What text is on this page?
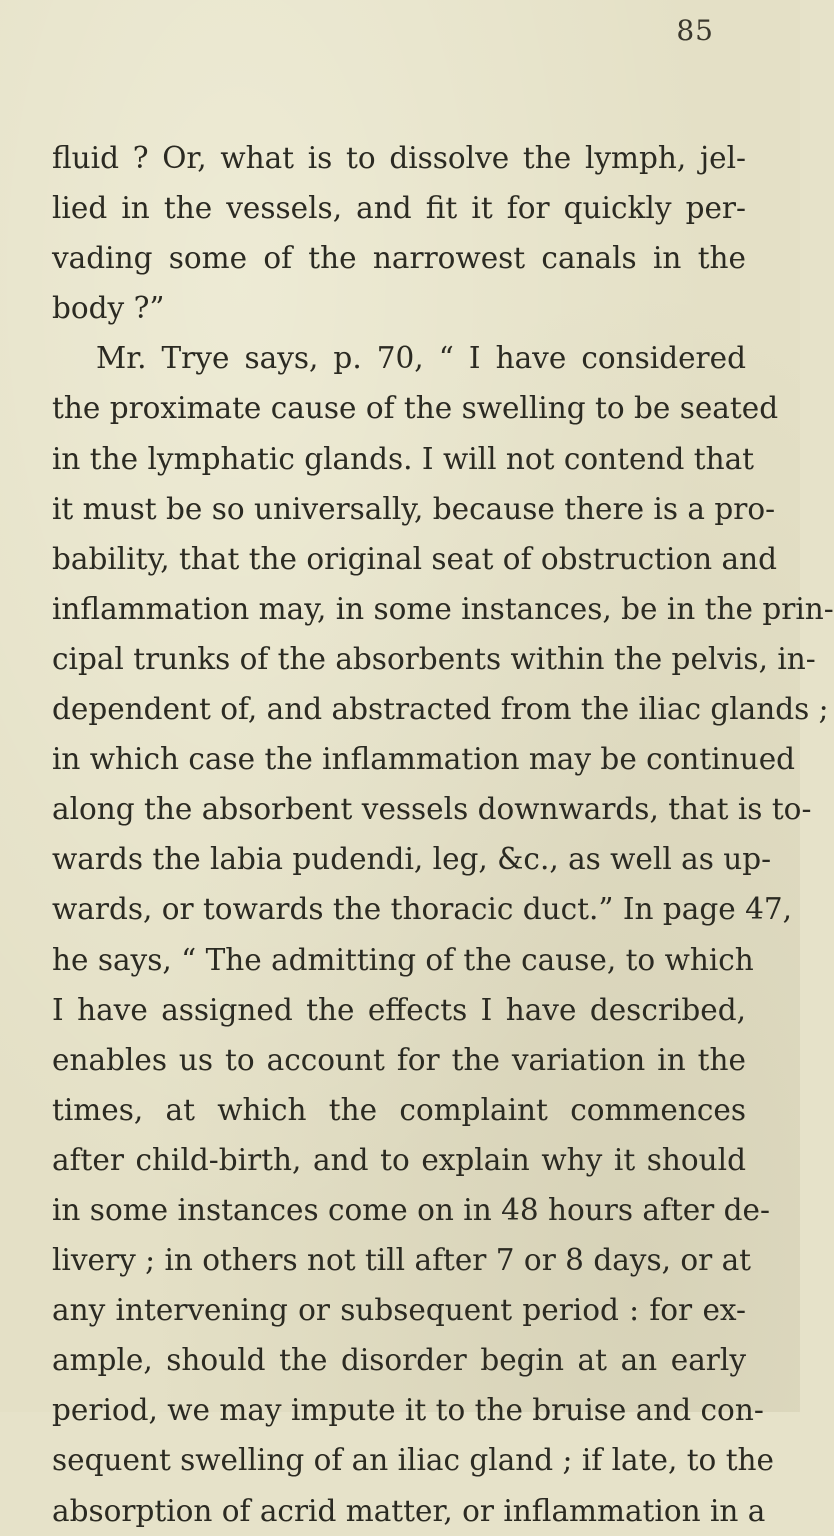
85
fluid ? Or, what is to dissolve the lymph, jel-
lied in the vessels, and fit it for quickly per-
vading some of the narrowest canals in the
body ?”
Mr. Trye says, p. 70, “ I have considered
the proximate cause of the swelling to be seated
in the lymphatic glands. I will not contend that
it must be so universally, because there is a pro-
bability, that the original seat of obstruction and
inflammation may, in some instances, be in the prin-
cipal trunks of the absorbents within the pelvis, in-
dependent of, and abstracted from the iliac glands ;
in which case the inflammation may be continued
along the absorbent vessels downwards, that is to-
wards the labia pudendi, leg, &c., as well as up-
wards, or towards the thoracic duct.” In page 47,
he says, “ The admitting of the cause, to which
I have assigned the effects I have described,
enables us to account for the variation in the
times, at which the complaint commences
after child-birth, and to explain why it should
in some instances come on in 48 hours after de-
livery ; in others not till after 7 or 8 days, or at
any intervening or subsequent period : for ex-
ample, should the disorder begin at an early
period, we may impute it to the bruise and con-
sequent swelling of an iliac gland ; if late, to the
absorption of acrid matter, or inflammation in a
